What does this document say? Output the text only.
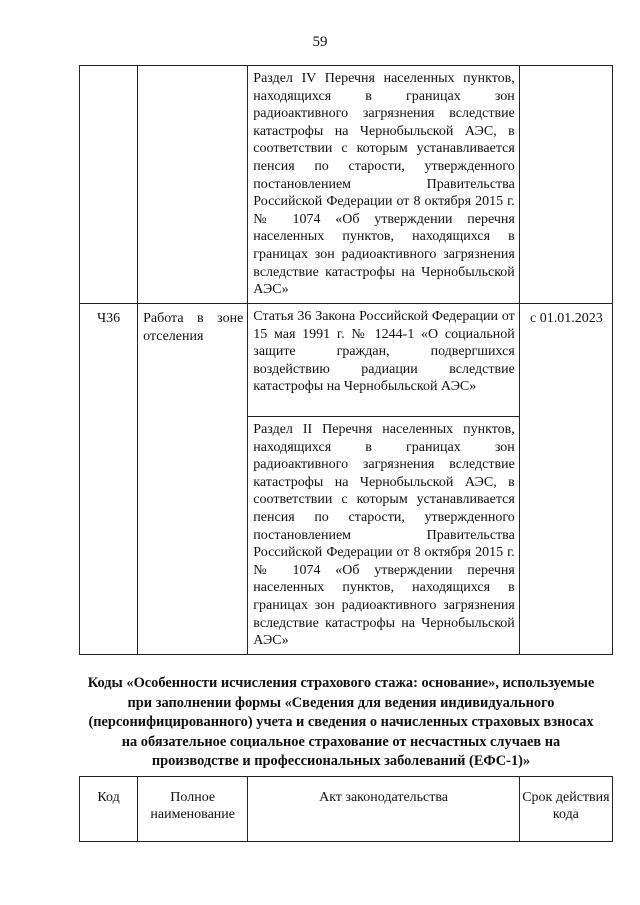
59
		Раздел IV Перечня населенных пунктов, находящихся в границах зон радиоактивного загрязнения вследствие катастрофы на Чернобыльской АЭС, в соответствии с которым устанавливается пенсия по старости, утвержденного постановлением Правительства Российской Федерации от 8 октября 2015 г. № 1074 «Об утверждении перечня населенных пунктов, находящихся в границах зон радиоактивного загрязнения вследствие катастрофы на Чернобыльской АЭС»	
Ч36	Работа в зоне отселения	Статья 36 Закона Российской Федерации от 15 мая 1991 г. № 1244-1 «О социальной защите граждан, подвергшихся воздействию радиации вследствие катастрофы на Чернобыльской АЭС»	с 01.01.2023
		Раздел II Перечня населенных пунктов, находящихся в границах зон радиоактивного загрязнения вследствие катастрофы на Чернобыльской АЭС, в соответствии с которым устанавливается пенсия по старости, утвержденного постановлением Правительства Российской Федерации от 8 октября 2015 г. № 1074 «Об утверждении перечня населенных пунктов, находящихся в границах зон радиоактивного загрязнения вследствие катастрофы на Чернобыльской АЭС»	
Коды «Особенности исчисления страхового стажа: основание», используемые при заполнении формы «Сведения для ведения индивидуального (персонифицированного) учета и сведения о начисленных страховых взносах на обязательное социальное страхование от несчастных случаев на производстве и профессиональных заболеваний (ЕФС-1)»
Код	Полное наименование	Акт законодательства	Срок действия кода
